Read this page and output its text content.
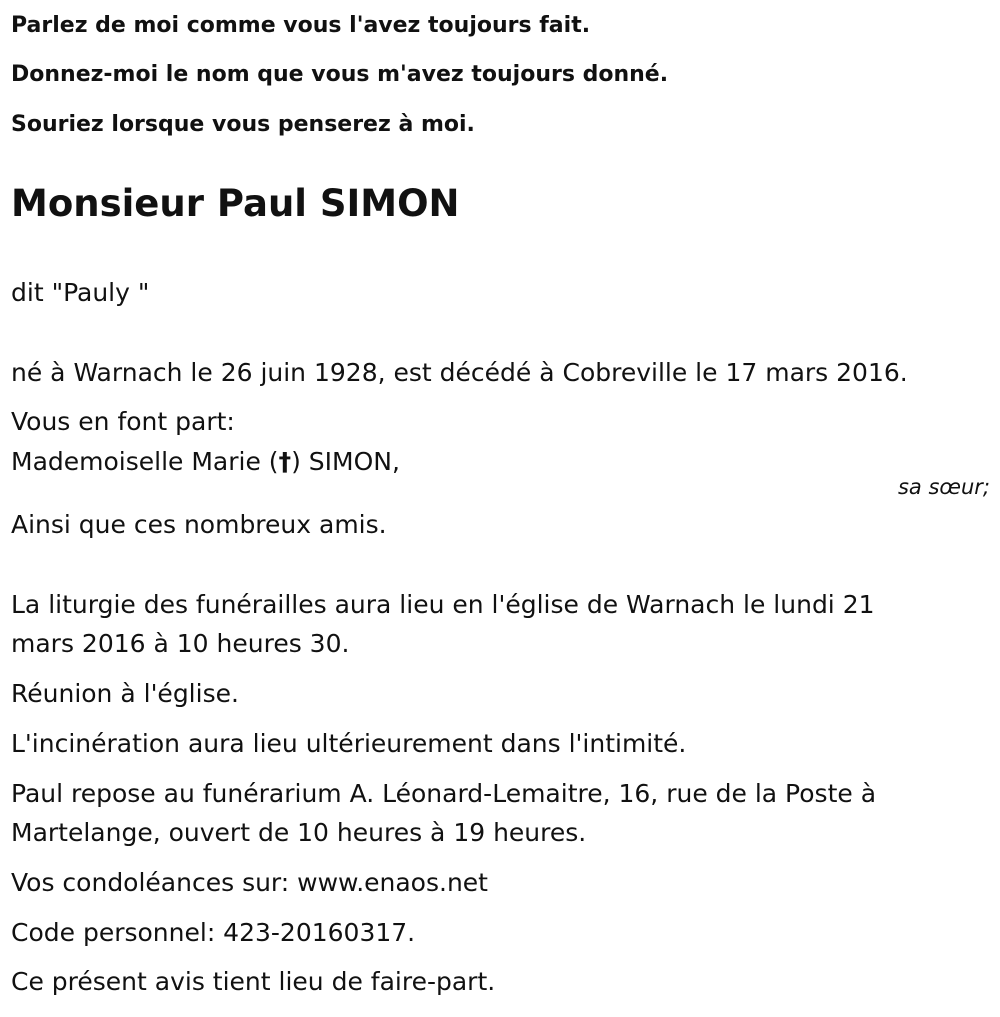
Parlez de moi comme vous l'avez toujours fait.

Donnez-moi le nom que vous m'avez toujours donné.

Souriez lorsque vous penserez à moi.

Monsieur Paul SIMON

dit "Pauly "

né à Warnach le 26 juin 1928, est décédé à Cobreville le 17 mars 2016.

Vous en font part:

Mademoiselle Marie (†) SIMON,

sa sœur;

Ainsi que ces nombreux amis.

La liturgie des funérailles aura lieu en l'église de Warnach le lundi 21

mars 2016 à 10 heures 30.

Réunion à l'église.

L'incinération aura lieu ultérieurement dans l'intimité.

Paul repose au funérarium A. Léonard-Lemaitre, 16, rue de la Poste à

Martelange, ouvert de 10 heures à 19 heures.

Vos condoléances sur: www.enaos.net

Code personnel: 423-20160317.

Ce présent avis tient lieu de faire-part.
